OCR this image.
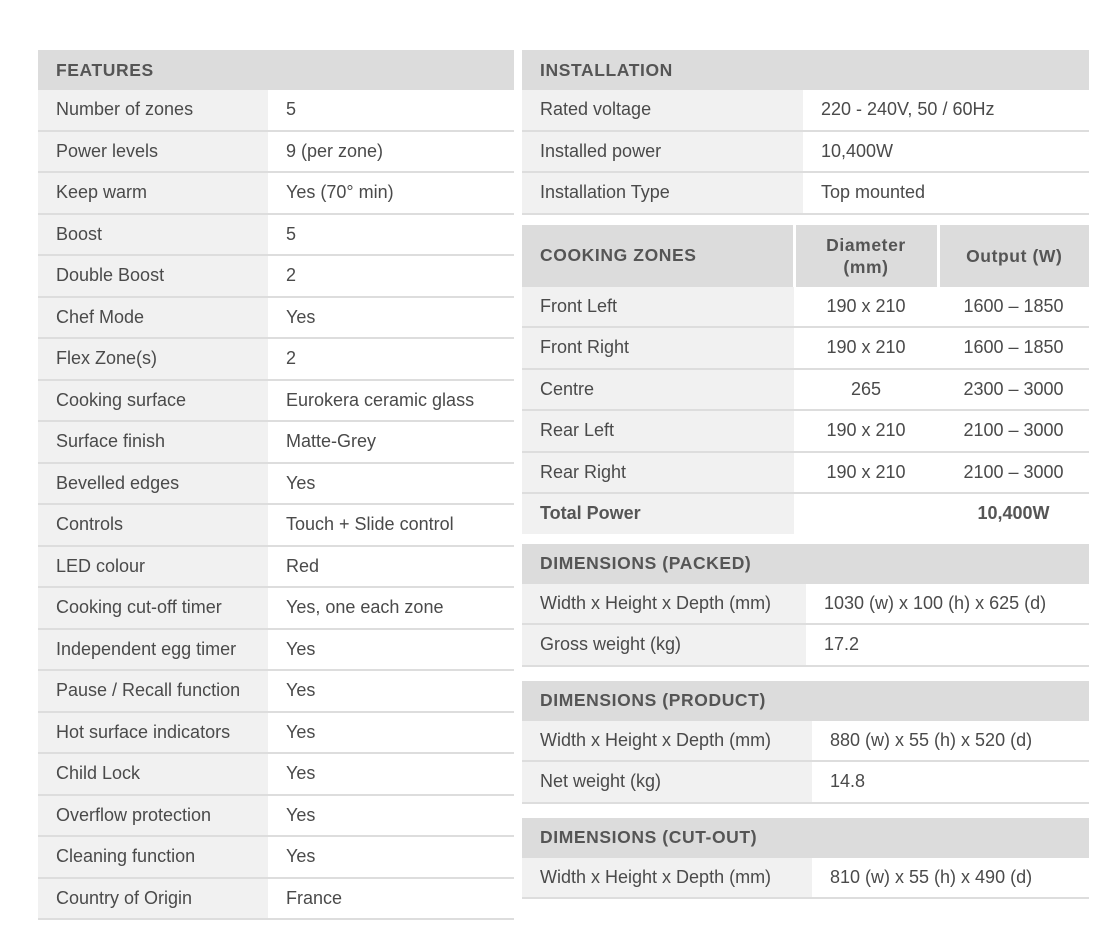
FEATURES	
Number of zones	5
Power levels	9 (per zone)
Keep warm	Yes (70° min)
Boost	5
Double Boost	2
Chef Mode	Yes
Flex Zone(s)	2
Cooking surface	Eurokera ceramic glass
Surface finish	Matte-Grey
Bevelled edges	Yes
Controls	Touch + Slide control
LED colour	Red
Cooking cut-off timer	Yes, one each zone
Independent egg timer	Yes
Pause / Recall function	Yes
Hot surface indicators	Yes
Child Lock	Yes
Overflow protection	Yes
Cleaning function	Yes
Country of Origin	France
INSTALLATION	
Rated voltage	220 - 240V, 50 / 60Hz
Installed power	10,400W
Installation Type	Top mounted
COOKING ZONES	Diameter (mm)	Output (W)
Front Left	190 x 210	1600 – 1850
Front Right	190 x 210	1600 – 1850
Centre	265	2300 – 3000
Rear Left	190 x 210	2100 – 3000
Rear Right	190 x 210	2100 – 3000
Total Power		10,400W
DIMENSIONS (PACKED)	
Width x Height x Depth (mm)	1030 (w) x 100 (h) x 625 (d)
Gross weight (kg)	17.2
DIMENSIONS (PRODUCT)	
Width x Height x Depth (mm)	880 (w) x 55 (h) x 520 (d)
Net weight (kg)	14.8
DIMENSIONS (CUT-OUT)
Width x Height x Depth (mm)	810 (w) x 55 (h) x 490 (d)
